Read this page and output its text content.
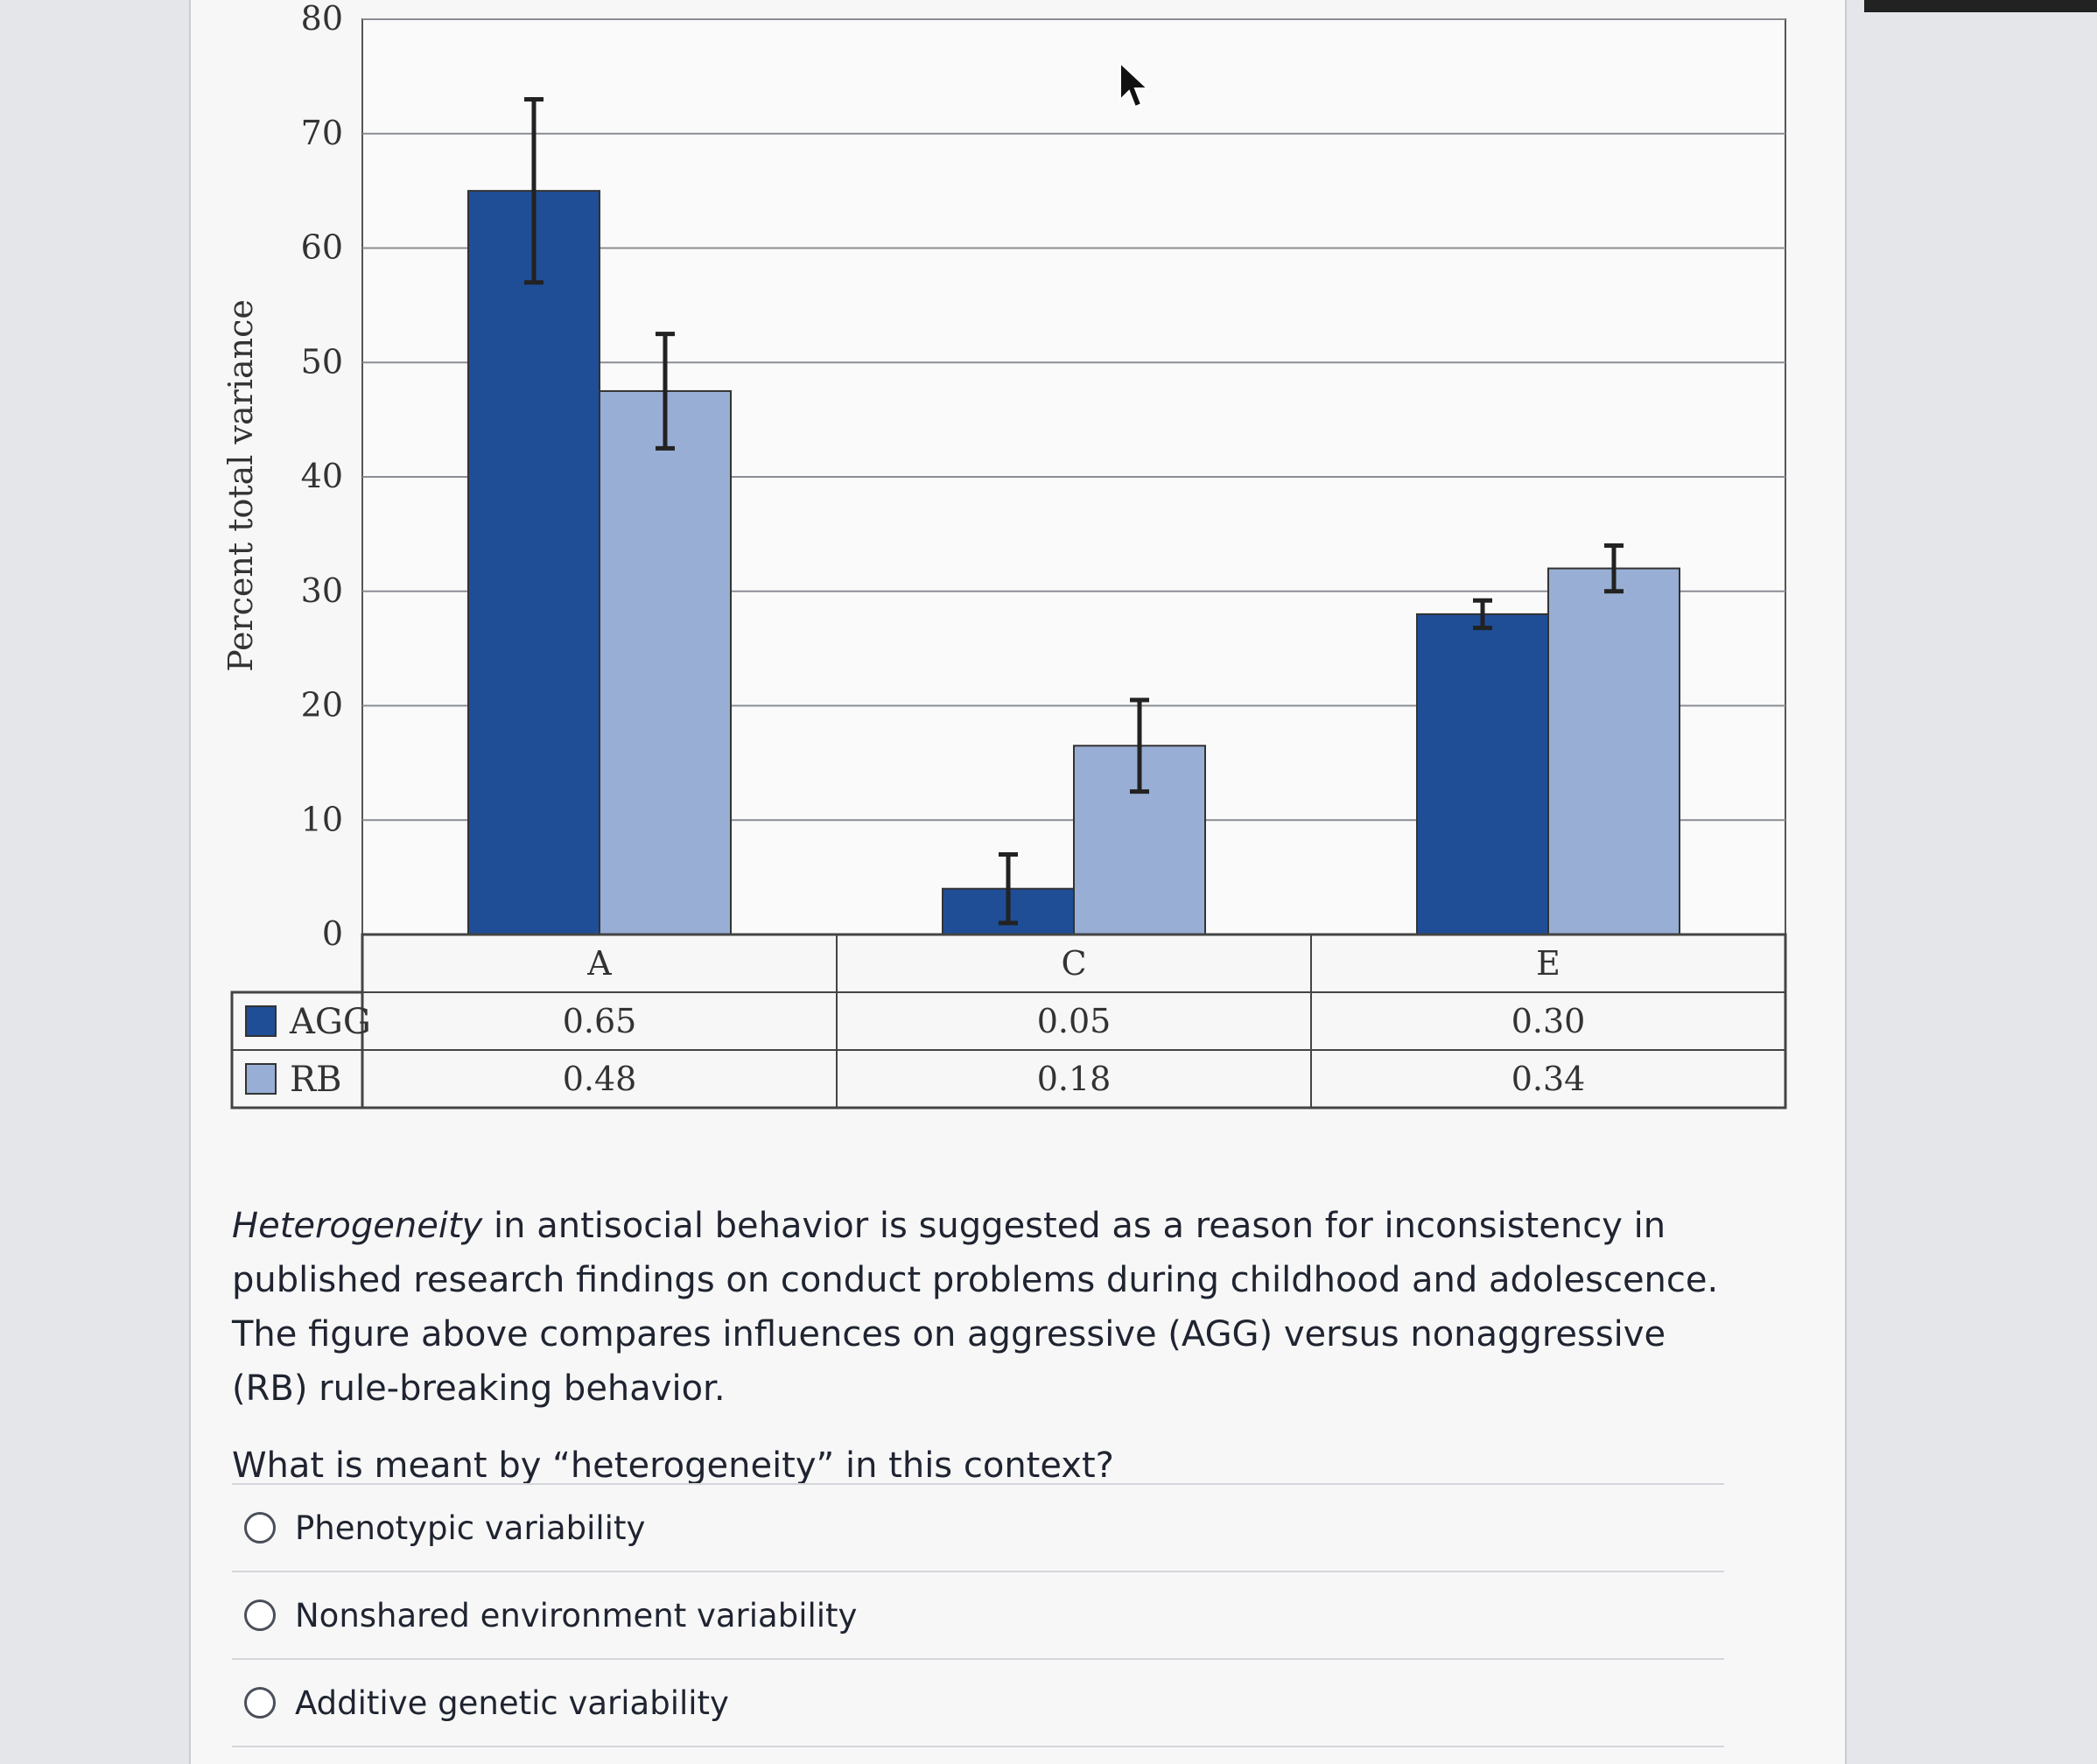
0
10
20
30
40
50
60
70
80
Percent total variance
A
0.65
0.48
C
0.05
0.18
E
0.30
0.34
AGG
RB

Heterogeneity in antisocial behavior is suggested as a reason for inconsistency in published research findings on conduct problems during childhood and adolescence. The figure above compares influences on aggressive (AGG) versus nonaggressive (RB) rule-breaking behavior.

What is meant by “heterogeneity” in this context?

Phenotypic variability
Nonshared environment variability
Additive genetic variability
